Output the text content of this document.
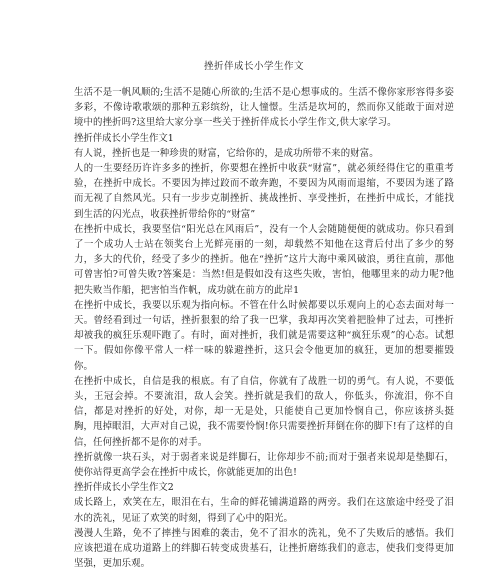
挫折伴成长小学生作文
生活不是一帆风顺的;生活不是随心所欲的;生活不是心想事成的。生活不像你家形容得多姿多彩，不像诗歌歌颂的那种五彩缤纷，让人憧憬。生活是坎坷的，然而你又能敢于面对逆境中的挫折吗?这里给大家分享一些关于挫折伴成长小学生作文,供大家学习。
挫折伴成长小学生作文1
有人说，挫折也是一种珍贵的财富，它给你的，是成功所带不来的财富。
人的一生要经历许许多多的挫折，你要想在挫折中收获“财富”，就必须经得住它的重重考验，在挫折中成长。不要因为摔过跤而不敢奔跑，不要因为风雨而退缩，不要因为迷了路而无视了自然风光。只有一步步克制挫折、挑战挫折、享受挫折，在挫折中成长，才能找到生活的闪光点，收获挫折带给你的“财富”
在挫折中成长，我要坚信“阳光总在风雨后”，没有一个人会随随便便的就成功。你只看到了一个成功人士站在领奖台上光鲜亮丽的一刻，却载然不知他在这背后付出了多少的努力，多大的代价，经受了多少的挫折。他在“挫折”这片大海中乘风破浪，勇往直前，那他可曾害怕?可曾失败?答案是：当然!但是假如没有这些失败，害怕，他哪里来的动力呢?他把失败当作船，把害怕当作帆，成功就在前方的此岸1
在挫折中成长，我要以乐观为指向标。不管在什么时候都要以乐观向上的心态去面对每一天。曾经看到过一句话，挫折狠狠的给了我一巴掌，我却再次笑着把脸伸了过去，可挫折却被我的疯狂乐观吓跑了。有时，面对挫折，我们就是需要这种“疯狂乐观”的心态。试想一下。假如你像平常人一样一味的躲避挫折，这只会令他更加的疯狂，更加的想要摧毁你。
在挫折中成长，自信是我的根底。有了自信，你就有了战胜一切的勇气。有人说，不要低头，王冠会掉。不要流泪，敌人会笑。挫折就是我们的敌人，你低头，你流泪，你不自信，都是对挫折的好处，对你，却一无是处，只能使自己更加怜悯自己，你应该挤头挺胸，甩掉眼泪，大声对自己说，我不需要怜悯!你只需要挫折拜倒在你的脚下!有了这样的自信，任何挫折都不是你的对手。
挫折就像一块石头，对于弱者来说是绊脚石，让你却步不前;而对于强者来说却是垫脚石，使你站得更高学会在挫折中成长，你就能更加的出色!
挫折伴成长小学生作文2
成长路上，欢笑在左，眼泪在右，生命的鲜花铺满道路的两旁。我们在这旅途中经受了泪水的洗礼，见证了欢笑的时刻，得到了心中的阳光。
漫漫人生路，免不了摔挫与困难的袭击，免不了泪水的洗礼，免不了失败后的感悟。我们应该把道在成功道路上的绊脚石转变成贵基石，让挫折磨练我们的意志，使我们变得更加坚强，更加乐观。
